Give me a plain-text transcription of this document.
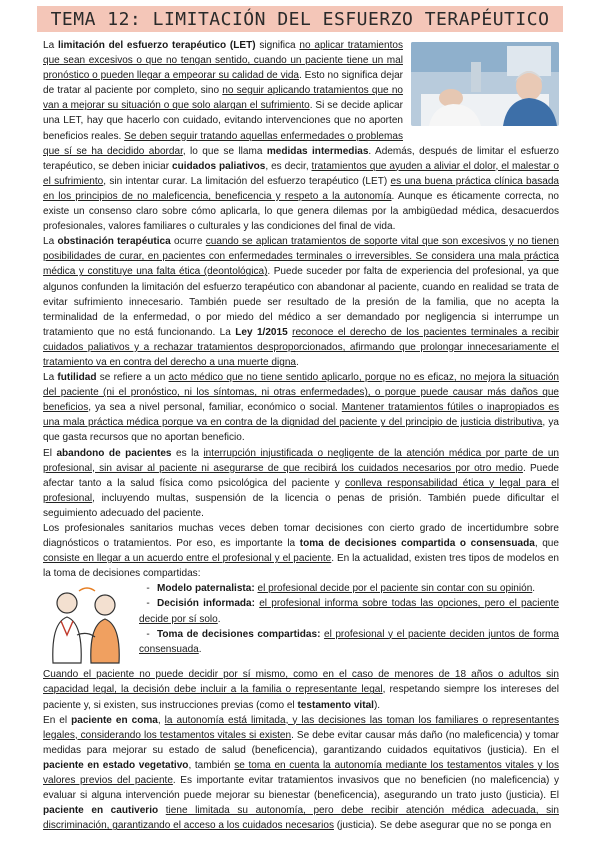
TEMA 12: LIMITACIÓN DEL ESFUERZO TERAPÉUTICO

La limitación del esfuerzo terapéutico (LET) significa no aplicar tratamientos que sean excesivos o que no tengan sentido, cuando un paciente tiene un mal pronóstico o pueden llegar a empeorar su calidad de vida. Esto no significa dejar de tratar al paciente por completo, sino no seguir aplicando tratamientos que no van a mejorar su situación o que solo alargan el sufrimiento. Si se decide aplicar una LET, hay que hacerlo con cuidado, evitando intervenciones que no aporten beneficios reales. Se deben seguir tratando aquellas enfermedades o problemas que sí se ha decidido abordar, lo que se llama medidas intermedias. Además, después de limitar el esfuerzo terapéutico, se deben iniciar cuidados paliativos, es decir, tratamientos que ayuden a aliviar el dolor, el malestar o el sufrimiento, sin intentar curar. La limitación del esfuerzo terapéutico (LET) es una buena práctica clínica basada en los principios de no maleficencia, beneficencia y respeto a la autonomía. Aunque es éticamente correcta, no existe un consenso claro sobre cómo aplicarla, lo que genera dilemas por la ambigüedad médica, desacuerdos profesionales, valores familiares o culturales y las condiciones del final de vida.

La obstinación terapéutica ocurre cuando se aplican tratamientos de soporte vital que son excesivos y no tienen posibilidades de curar, en pacientes con enfermedades terminales o irreversibles. Se considera una mala práctica médica y constituye una falta ética (deontológica). Puede suceder por falta de experiencia del profesional, ya que algunos confunden la limitación del esfuerzo terapéutico con abandonar al paciente, cuando en realidad se trata de evitar sufrimiento innecesario. También puede ser resultado de la presión de la familia, que no acepta la terminalidad de la enfermedad, o por miedo del médico a ser demandado por negligencia si interrumpe un tratamiento que no está funcionando. La Ley 1/2015 reconoce el derecho de los pacientes terminales a recibir cuidados paliativos y a rechazar tratamientos desproporcionados, afirmando que prolongar innecesariamente el tratamiento va en contra del derecho a una muerte digna.

La futilidad se refiere a un acto médico que no tiene sentido aplicarlo, porque no es eficaz, no mejora la situación del paciente (ni el pronóstico, ni los síntomas, ni otras enfermedades), o porque puede causar más daños que beneficios, ya sea a nivel personal, familiar, económico o social. Mantener tratamientos fútiles o inapropiados es una mala práctica médica porque va en contra de la dignidad del paciente y del principio de justicia distributiva, ya que gasta recursos que no aportan beneficio.

El abandono de pacientes es la interrupción injustificada o negligente de la atención médica por parte de un profesional, sin avisar al paciente ni asegurarse de que recibirá los cuidados necesarios por otro medio. Puede afectar tanto a la salud física como psicológica del paciente y conlleva responsabilidad ética y legal para el profesional, incluyendo multas, suspensión de la licencia o penas de prisión. También puede dificultar el seguimiento adecuado del paciente.

Los profesionales sanitarios muchas veces deben tomar decisiones con cierto grado de incertidumbre sobre diagnósticos o tratamientos. Por eso, es importante la toma de decisiones compartida o consensuada, que consiste en llegar a un acuerdo entre el profesional y el paciente. En la actualidad, existen tres tipos de modelos en la toma de decisiones compartidas:

- Modelo paternalista: el profesional decide por el paciente sin contar con su opinión.
- Decisión informada: el profesional informa sobre todas las opciones, pero el paciente decide por sí solo.
- Toma de decisiones compartidas: el profesional y el paciente deciden juntos de forma consensuada.

Cuando el paciente no puede decidir por sí mismo, como en el caso de menores de 18 años o adultos sin capacidad legal, la decisión debe incluir a la familia o representante legal, respetando siempre los intereses del paciente y, si existen, sus instrucciones previas (como el testamento vital).

En el paciente en coma, la autonomía está limitada, y las decisiones las toman los familiares o representantes legales, considerando los testamentos vitales si existen. Se debe evitar causar más daño (no maleficencia) y tomar medidas para mejorar su estado de salud (beneficencia), garantizando cuidados equitativos (justicia). En el paciente en estado vegetativo, también se toma en cuenta la autonomía mediante los testamentos vitales y los valores previos del paciente. Es importante evitar tratamientos invasivos que no beneficien (no maleficencia) y evaluar si alguna intervención puede mejorar su bienestar (beneficencia), asegurando un trato justo (justicia). El paciente en cautiverio tiene limitada su autonomía, pero debe recibir atención médica adecuada, sin discriminación, garantizando el acceso a los cuidados necesarios (justicia). Se debe asegurar que no se ponga en
